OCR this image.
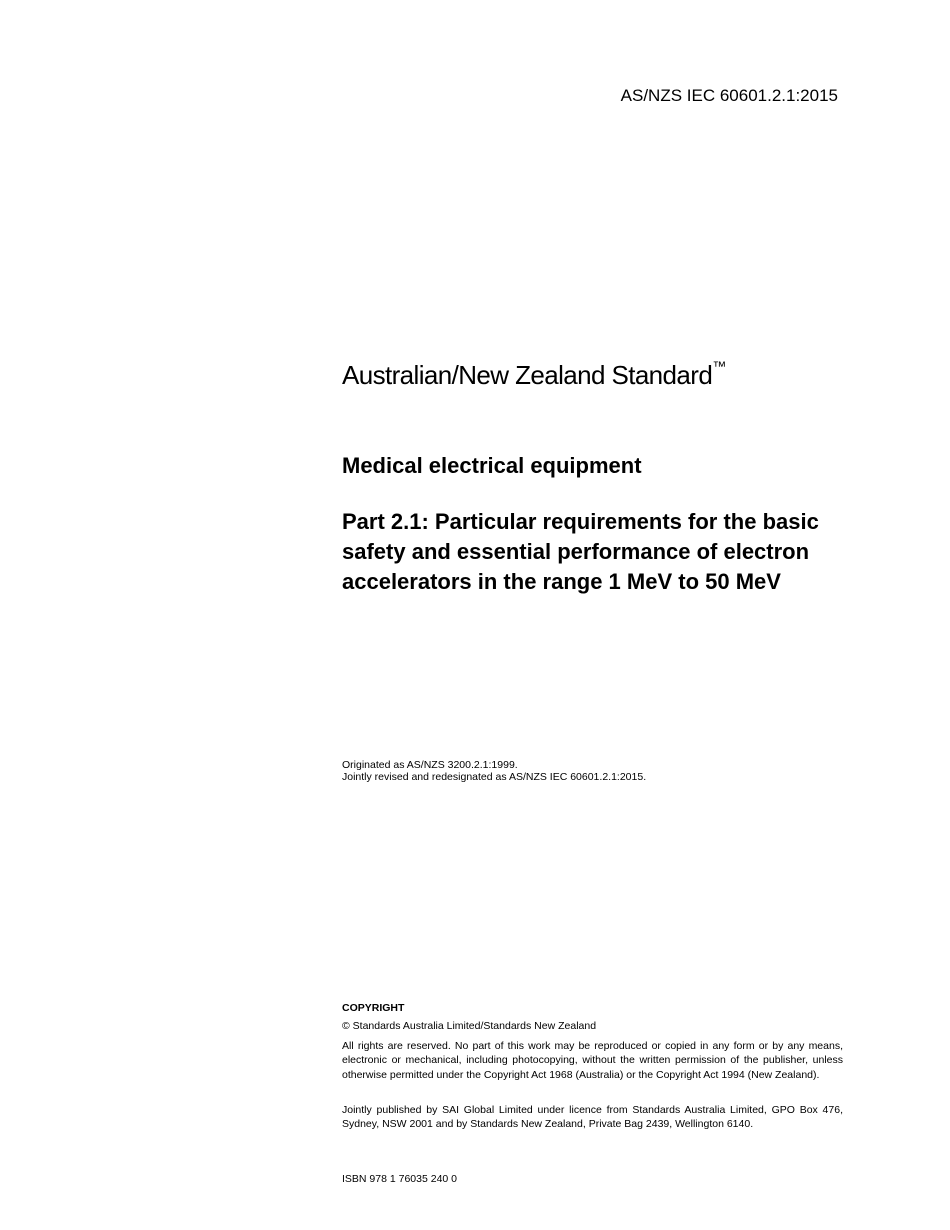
AS/NZS IEC 60601.2.1:2015
Australian/New Zealand Standard™
Medical electrical equipment
Part 2.1: Particular requirements for the basic safety and essential performance of electron accelerators in the range 1 MeV to 50 MeV
Originated as AS/NZS 3200.2.1:1999.
Jointly revised and redesignated as AS/NZS IEC 60601.2.1:2015.
COPYRIGHT
© Standards Australia Limited/Standards New Zealand
All rights are reserved. No part of this work may be reproduced or copied in any form or by any means, electronic or mechanical, including photocopying, without the written permission of the publisher, unless otherwise permitted under the Copyright Act 1968 (Australia) or the Copyright Act 1994 (New Zealand).
Jointly published by SAI Global Limited under licence from Standards Australia Limited, GPO Box 476, Sydney, NSW 2001 and by Standards New Zealand, Private Bag 2439, Wellington 6140.
ISBN 978 1 76035 240 0
